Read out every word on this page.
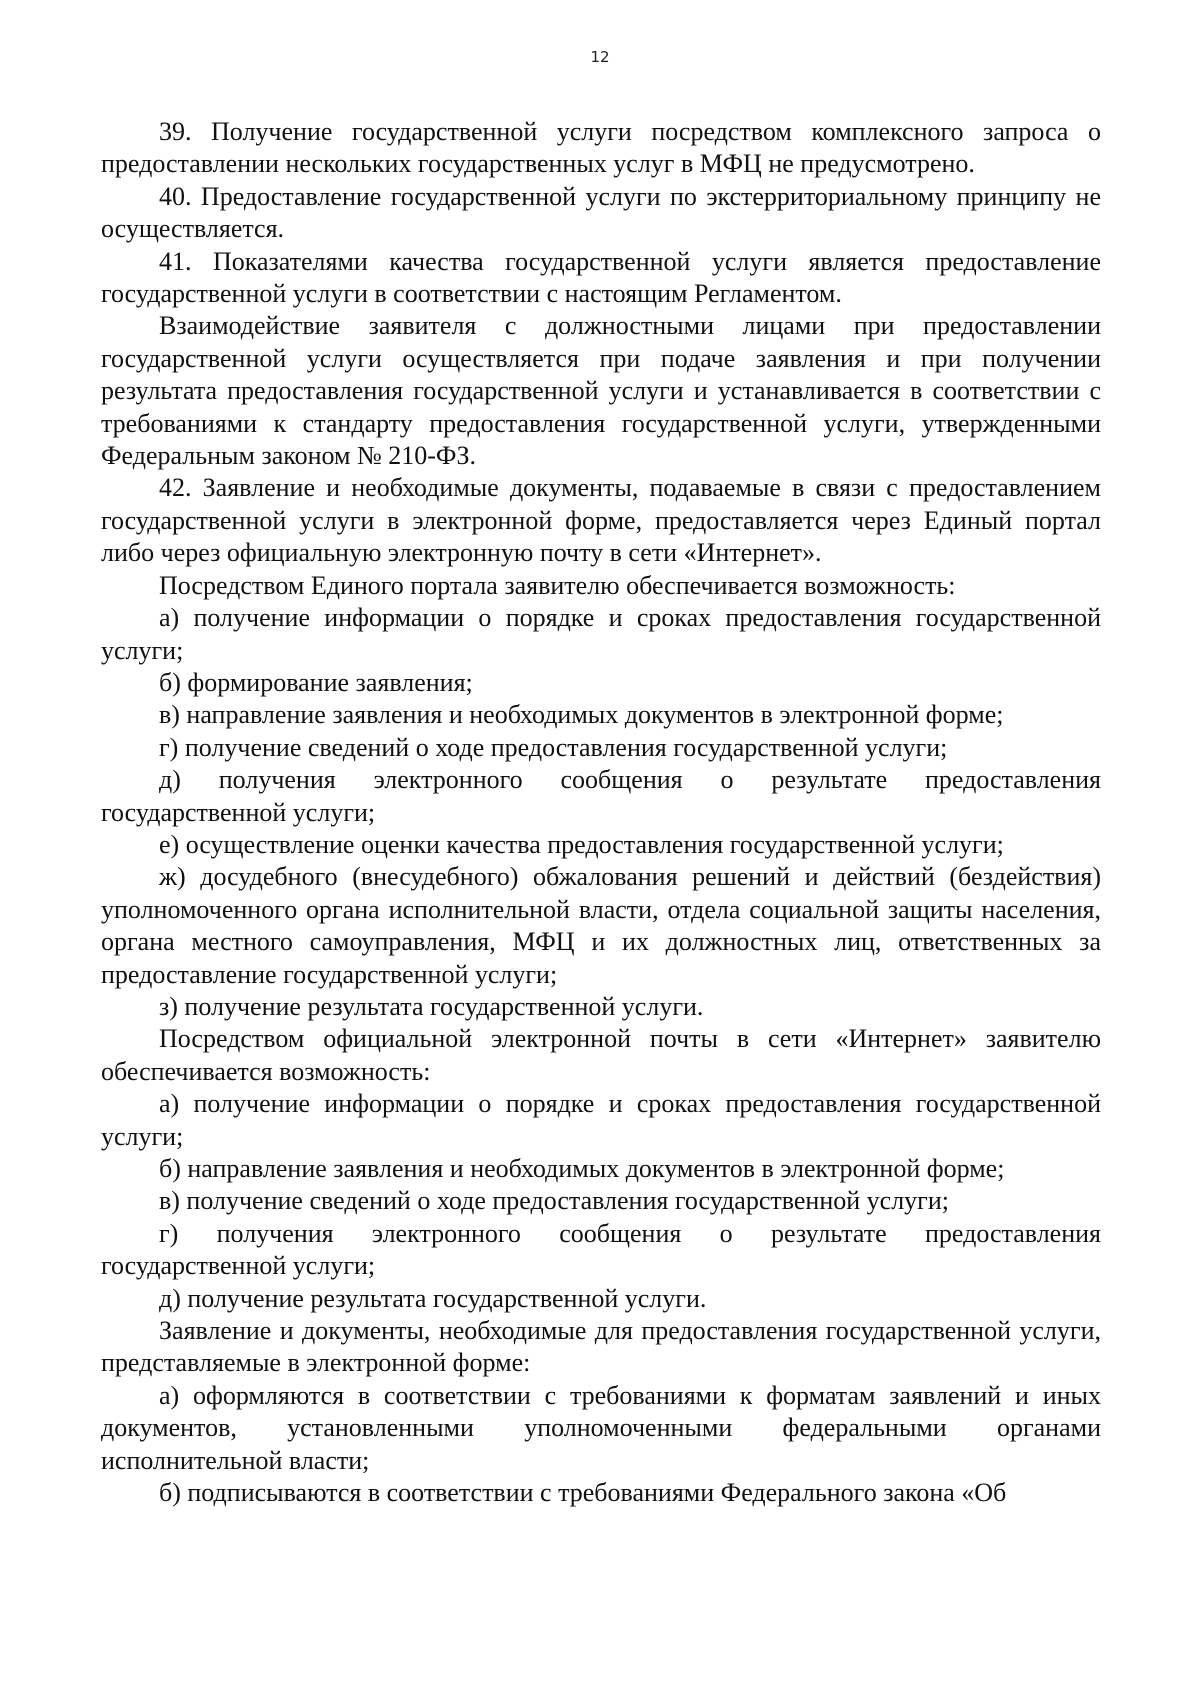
12

39. Получение государственной услуги посредством комплексного запроса о предоставлении нескольких государственных услуг в МФЦ не предусмотрено.

40. Предоставление государственной услуги по экстерриториальному принципу не осуществляется.

41. Показателями качества государственной услуги является предоставление государственной услуги в соответствии с настоящим Регламентом.

Взаимодействие заявителя с должностными лицами при предоставлении государственной услуги осуществляется при подаче заявления и при получении результата предоставления государственной услуги и устанавливается в соответствии с требованиями к стандарту предоставления государственной услуги, утвержденными Федеральным законом № 210-ФЗ.

42. Заявление и необходимые документы, подаваемые в связи с предоставлением государственной услуги в электронной форме, предоставляется через Единый портал либо через официальную электронную почту в сети «Интернет».

Посредством Единого портала заявителю обеспечивается возможность:

а) получение информации о порядке и сроках предоставления государственной услуги;

б) формирование заявления;

в) направление заявления и необходимых документов в электронной форме;

г) получение сведений о ходе предоставления государственной услуги;

д) получения электронного сообщения о результате предоставления государственной услуги;

е) осуществление оценки качества предоставления государственной услуги;

ж) досудебного (внесудебного) обжалования решений и действий (бездействия) уполномоченного органа исполнительной власти, отдела социальной защиты населения, органа местного самоуправления, МФЦ и их должностных лиц, ответственных за предоставление государственной услуги;

з) получение результата государственной услуги.

Посредством официальной электронной почты в сети «Интернет» заявителю обеспечивается возможность:

а) получение информации о порядке и сроках предоставления государственной услуги;

б) направление заявления и необходимых документов в электронной форме;

в) получение сведений о ходе предоставления государственной услуги;

г) получения электронного сообщения о результате предоставления государственной услуги;

д) получение результата государственной услуги.

Заявление и документы, необходимые для предоставления государственной услуги, представляемые в электронной форме:

а) оформляются в соответствии с требованиями к форматам заявлений и иных документов, установленными уполномоченными федеральными органами исполнительной власти;

б) подписываются в соответствии с требованиями Федерального закона «Об
